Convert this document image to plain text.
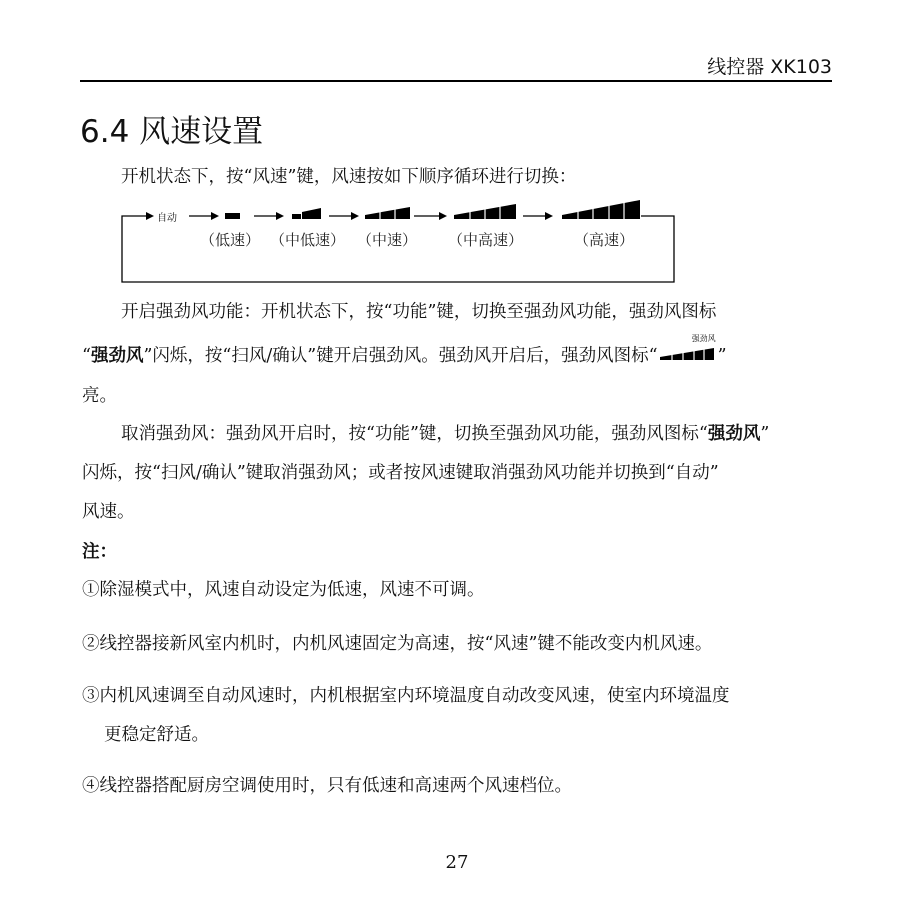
线控器 XK103
6.4 风速设置
开机状态下，按“风速”键，风速按如下顺序循环进行切换：
自动
（低速） （中低速） （中速） （中高速）	（高速）
开启强劲风功能：开机状态下，按“功能”键，切换至强劲风功能，强劲风图标
“强劲风”闪烁，按“扫风/确认”键开启强劲风。强劲风开启后，强劲风图标“
强劲风
”
亮。
取消强劲风：强劲风开启时，按“功能”键，切换至强劲风功能，强劲风图标“强劲风”
闪烁，按“扫风/确认”键取消强劲风；或者按风速键取消强劲风功能并切换到“自动”
风速。
注：
①除湿模式中，风速自动设定为低速，风速不可调。
②线控器接新风室内机时，内机风速固定为高速，按“风速”键不能改变内机风速。
③内机风速调至自动风速时，内机根据室内环境温度自动改变风速，使室内环境温度
更稳定舒适。
④线控器搭配厨房空调使用时，只有低速和高速两个风速档位。
27
